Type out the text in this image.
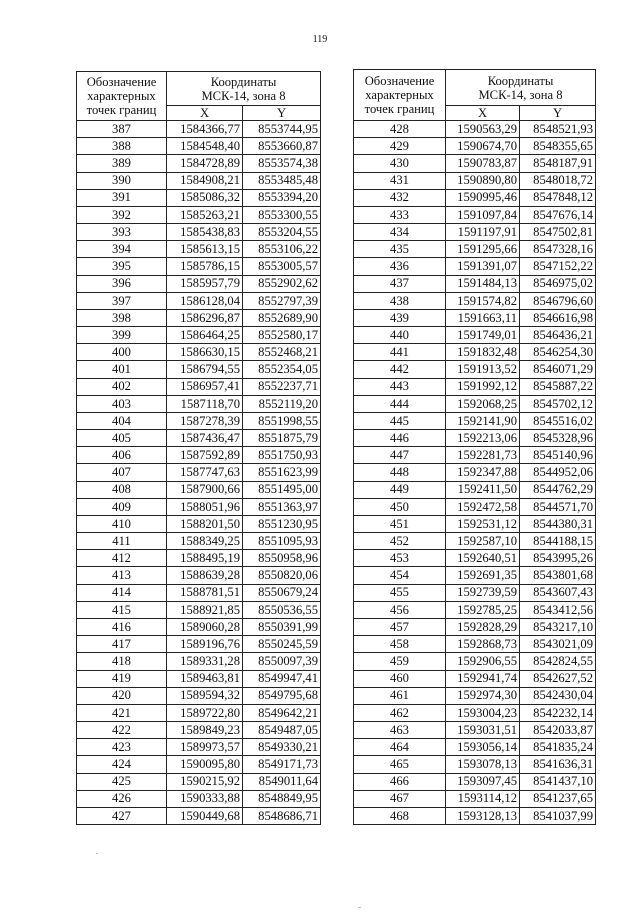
119
Обозначение
характерных
точек границ	Координаты
МСК-14, зона 8	
	X	Y
387	1584366,77	8553744,95
388	1584548,40	8553660,87
389	1584728,89	8553574,38
390	1584908,21	8553485,48
391	1585086,32	8553394,20
392	1585263,21	8553300,55
393	1585438,83	8553204,55
394	1585613,15	8553106,22
395	1585786,15	8553005,57
396	1585957,79	8552902,62
397	1586128,04	8552797,39
398	1586296,87	8552689,90
399	1586464,25	8552580,17
400	1586630,15	8552468,21
401	1586794,55	8552354,05
402	1586957,41	8552237,71
403	1587118,70	8552119,20
404	1587278,39	8551998,55
405	1587436,47	8551875,79
406	1587592,89	8551750,93
407	1587747,63	8551623,99
408	1587900,66	8551495,00
409	1588051,96	8551363,97
410	1588201,50	8551230,95
411	1588349,25	8551095,93
412	1588495,19	8550958,96
413	1588639,28	8550820,06
414	1588781,51	8550679,24
415	1588921,85	8550536,55
416	1589060,28	8550391,99
417	1589196,76	8550245,59
418	1589331,28	8550097,39
419	1589463,81	8549947,41
420	1589594,32	8549795,68
421	1589722,80	8549642,21
422	1589849,23	8549487,05
423	1589973,57	8549330,21
424	1590095,80	8549171,73
425	1590215,92	8549011,64
426	1590333,88	8548849,95
427	1590449,68	8548686,71
Обозначение
характерных
точек границ	Координаты
МСК-14, зона 8	
	X	Y
428	1590563,29	8548521,93
429	1590674,70	8548355,65
430	1590783,87	8548187,91
431	1590890,80	8548018,72
432	1590995,46	8547848,12
433	1591097,84	8547676,14
434	1591197,91	8547502,81
435	1591295,66	8547328,16
436	1591391,07	8547152,22
437	1591484,13	8546975,02
438	1591574,82	8546796,60
439	1591663,11	8546616,98
440	1591749,01	8546436,21
441	1591832,48	8546254,30
442	1591913,52	8546071,29
443	1591992,12	8545887,22
444	1592068,25	8545702,12
445	1592141,90	8545516,02
446	1592213,06	8545328,96
447	1592281,73	8545140,96
448	1592347,88	8544952,06
449	1592411,50	8544762,29
450	1592472,58	8544571,70
451	1592531,12	8544380,31
452	1592587,10	8544188,15
453	1592640,51	8543995,26
454	1592691,35	8543801,68
455	1592739,59	8543607,43
456	1592785,25	8543412,56
457	1592828,29	8543217,10
458	1592868,73	8543021,09
459	1592906,55	8542824,55
460	1592941,74	8542627,52
461	1592974,30	8542430,04
462	1593004,23	8542232,14
463	1593031,51	8542033,87
464	1593056,14	8541835,24
465	1593078,13	8541636,31
466	1593097,45	8541437,10
467	1593114,12	8541237,65
468	1593128,13	8541037,99
